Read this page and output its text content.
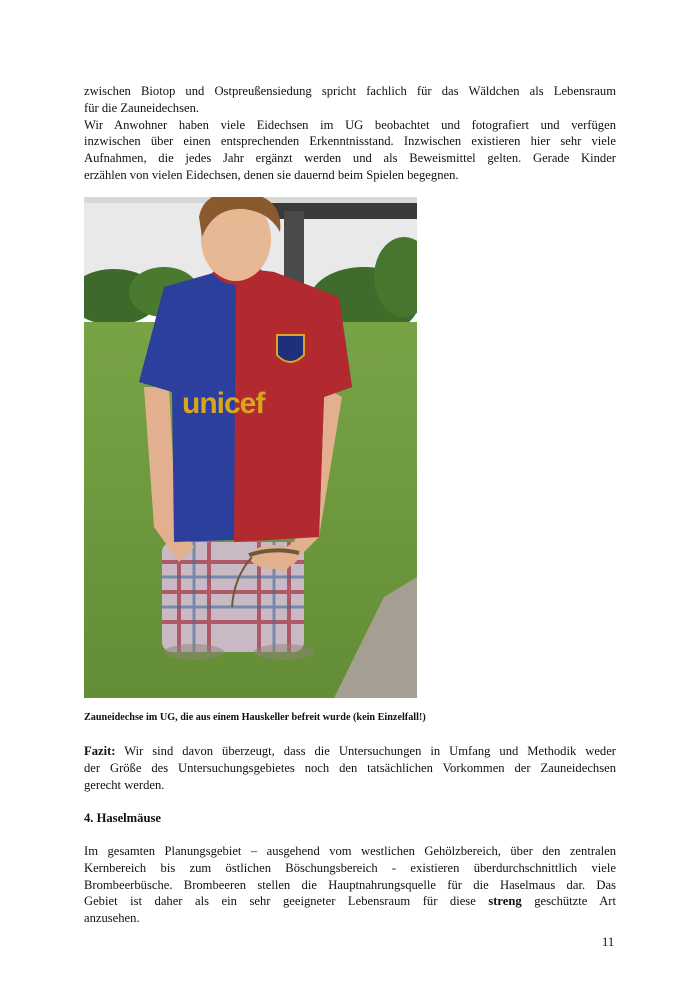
zwischen Biotop und Ostpreußensiedung spricht fachlich für das Wäldchen als Lebensraum
für die Zauneidechsen.
Wir Anwohner haben viele Eidechsen im UG beobachtet und fotografiert und verfügen
inzwischen über einen entsprechenden Erkenntnisstand. Inzwischen existieren hier sehr viele
Aufnahmen, die jedes Jahr ergänzt werden und als Beweismittel gelten. Gerade Kinder
erzählen von vielen Eidechsen, denen sie dauernd beim Spielen begegnen.
unicef

Zauneidechse im UG, die aus einem Hauskeller befreit wurde (kein Einzelfall!)

Fazit: Wir sind davon überzeugt, dass die Untersuchungen in Umfang und Methodik weder
der Größe des Untersuchungsgebietes noch den tatsächlichen Vorkommen der Zauneidechsen
gerecht werden.

4. Haselmäuse

Im gesamten Planungsgebiet – ausgehend vom westlichen Gehölzbereich, über den zentralen
Kernbereich bis zum östlichen Böschungsbereich - existieren überdurchschnittlich viele
Brombeerbüsche. Brombeeren stellen die Hauptnahrungsquelle für die Haselmaus dar. Das
Gebiet ist daher als ein sehr geeigneter Lebensraum für diese streng geschützte Art
anzusehen.

11
